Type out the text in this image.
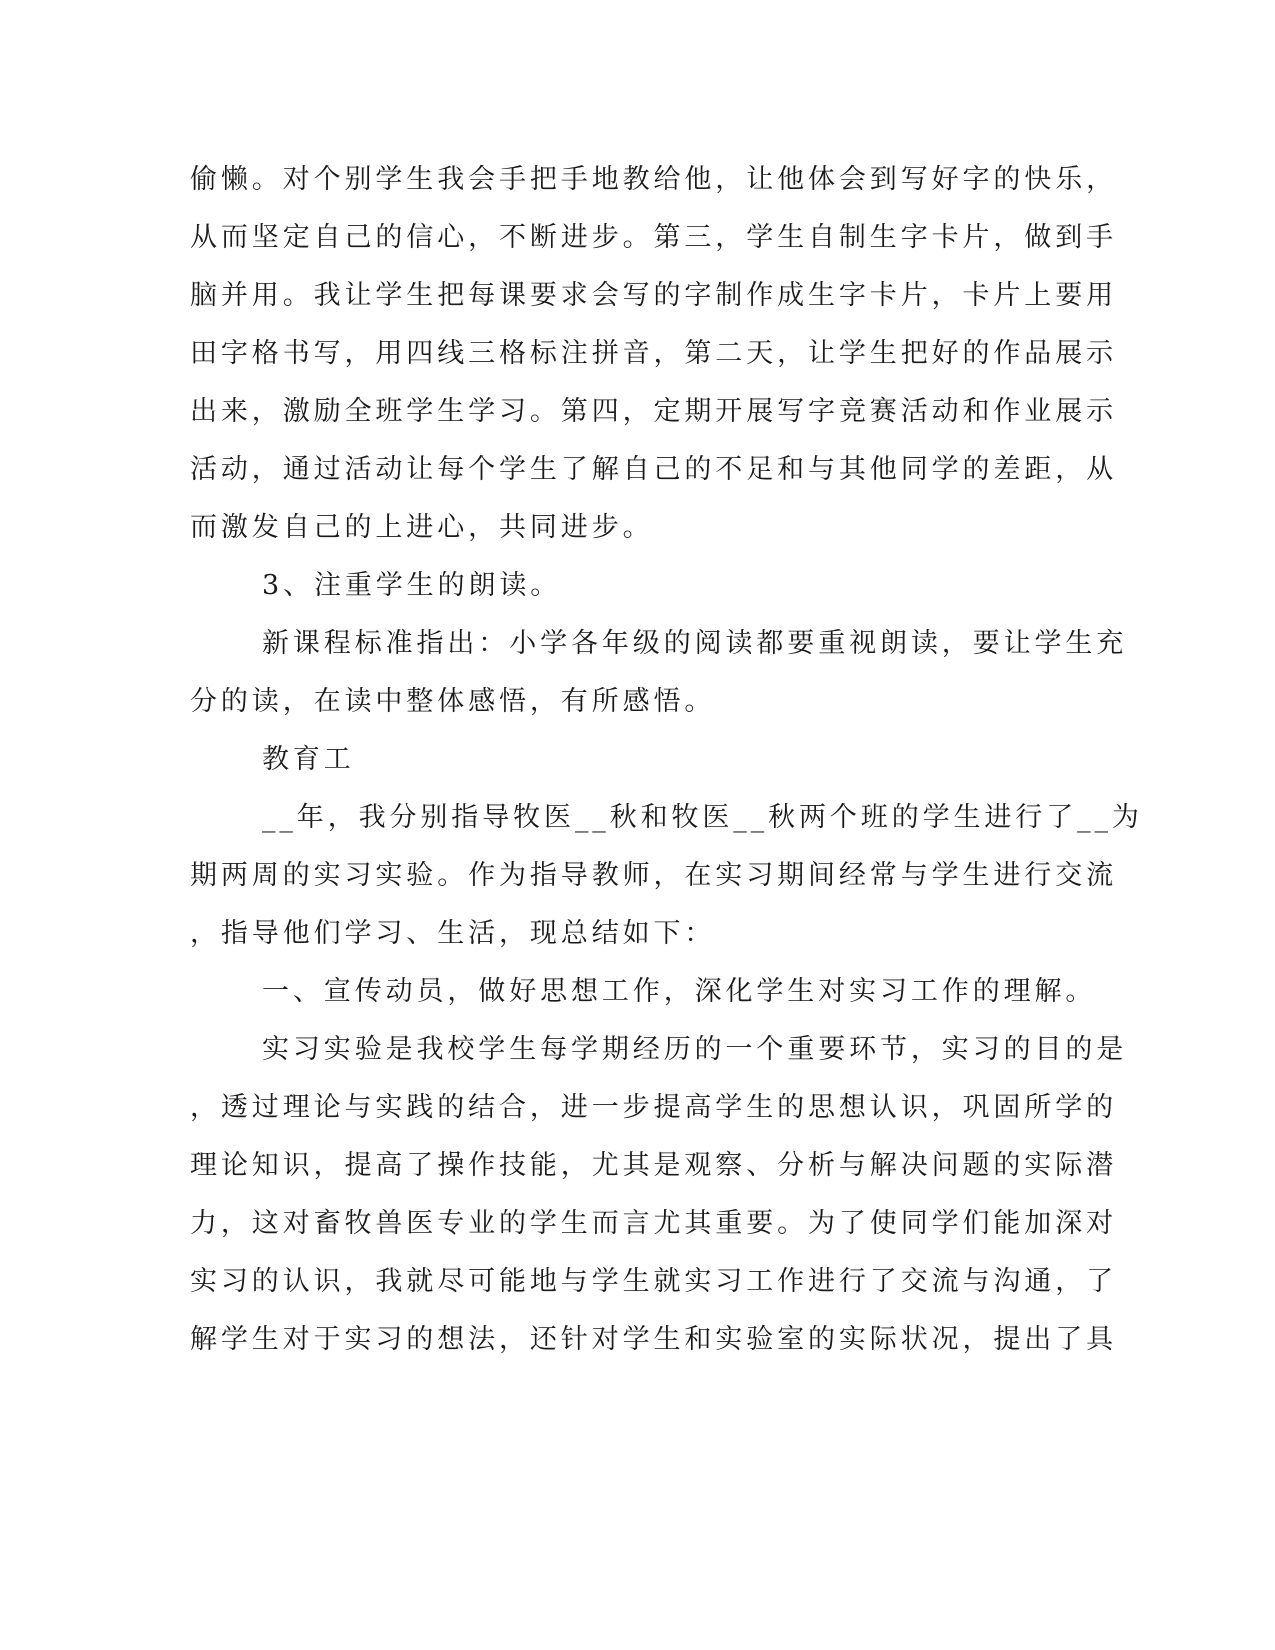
偷懒。对个别学生我会手把手地教给他，让他体会到写好字的快乐，
从而坚定自己的信心，不断进步。第三，学生自制生字卡片，做到手
脑并用。我让学生把每课要求会写的字制作成生字卡片，卡片上要用
田字格书写，用四线三格标注拼音，第二天，让学生把好的作品展示
出来，激励全班学生学习。第四，定期开展写字竞赛活动和作业展示
活动，通过活动让每个学生了解自己的不足和与其他同学的差距，从
而激发自己的上进心，共同进步。
3、注重学生的朗读。
新课程标准指出：小学各年级的阅读都要重视朗读，要让学生充
分的读，在读中整体感悟，有所感悟。
教育工
__年，我分别指导牧医__秋和牧医__秋两个班的学生进行了__为
期两周的实习实验。作为指导教师，在实习期间经常与学生进行交流
，指导他们学习、生活，现总结如下：
一、宣传动员，做好思想工作，深化学生对实习工作的理解。
实习实验是我校学生每学期经历的一个重要环节，实习的目的是
，透过理论与实践的结合，进一步提高学生的思想认识，巩固所学的
理论知识，提高了操作技能，尤其是观察、分析与解决问题的实际潜
力，这对畜牧兽医专业的学生而言尤其重要。为了使同学们能加深对
实习的认识，我就尽可能地与学生就实习工作进行了交流与沟通，了
解学生对于实习的想法，还针对学生和实验室的实际状况，提出了具
